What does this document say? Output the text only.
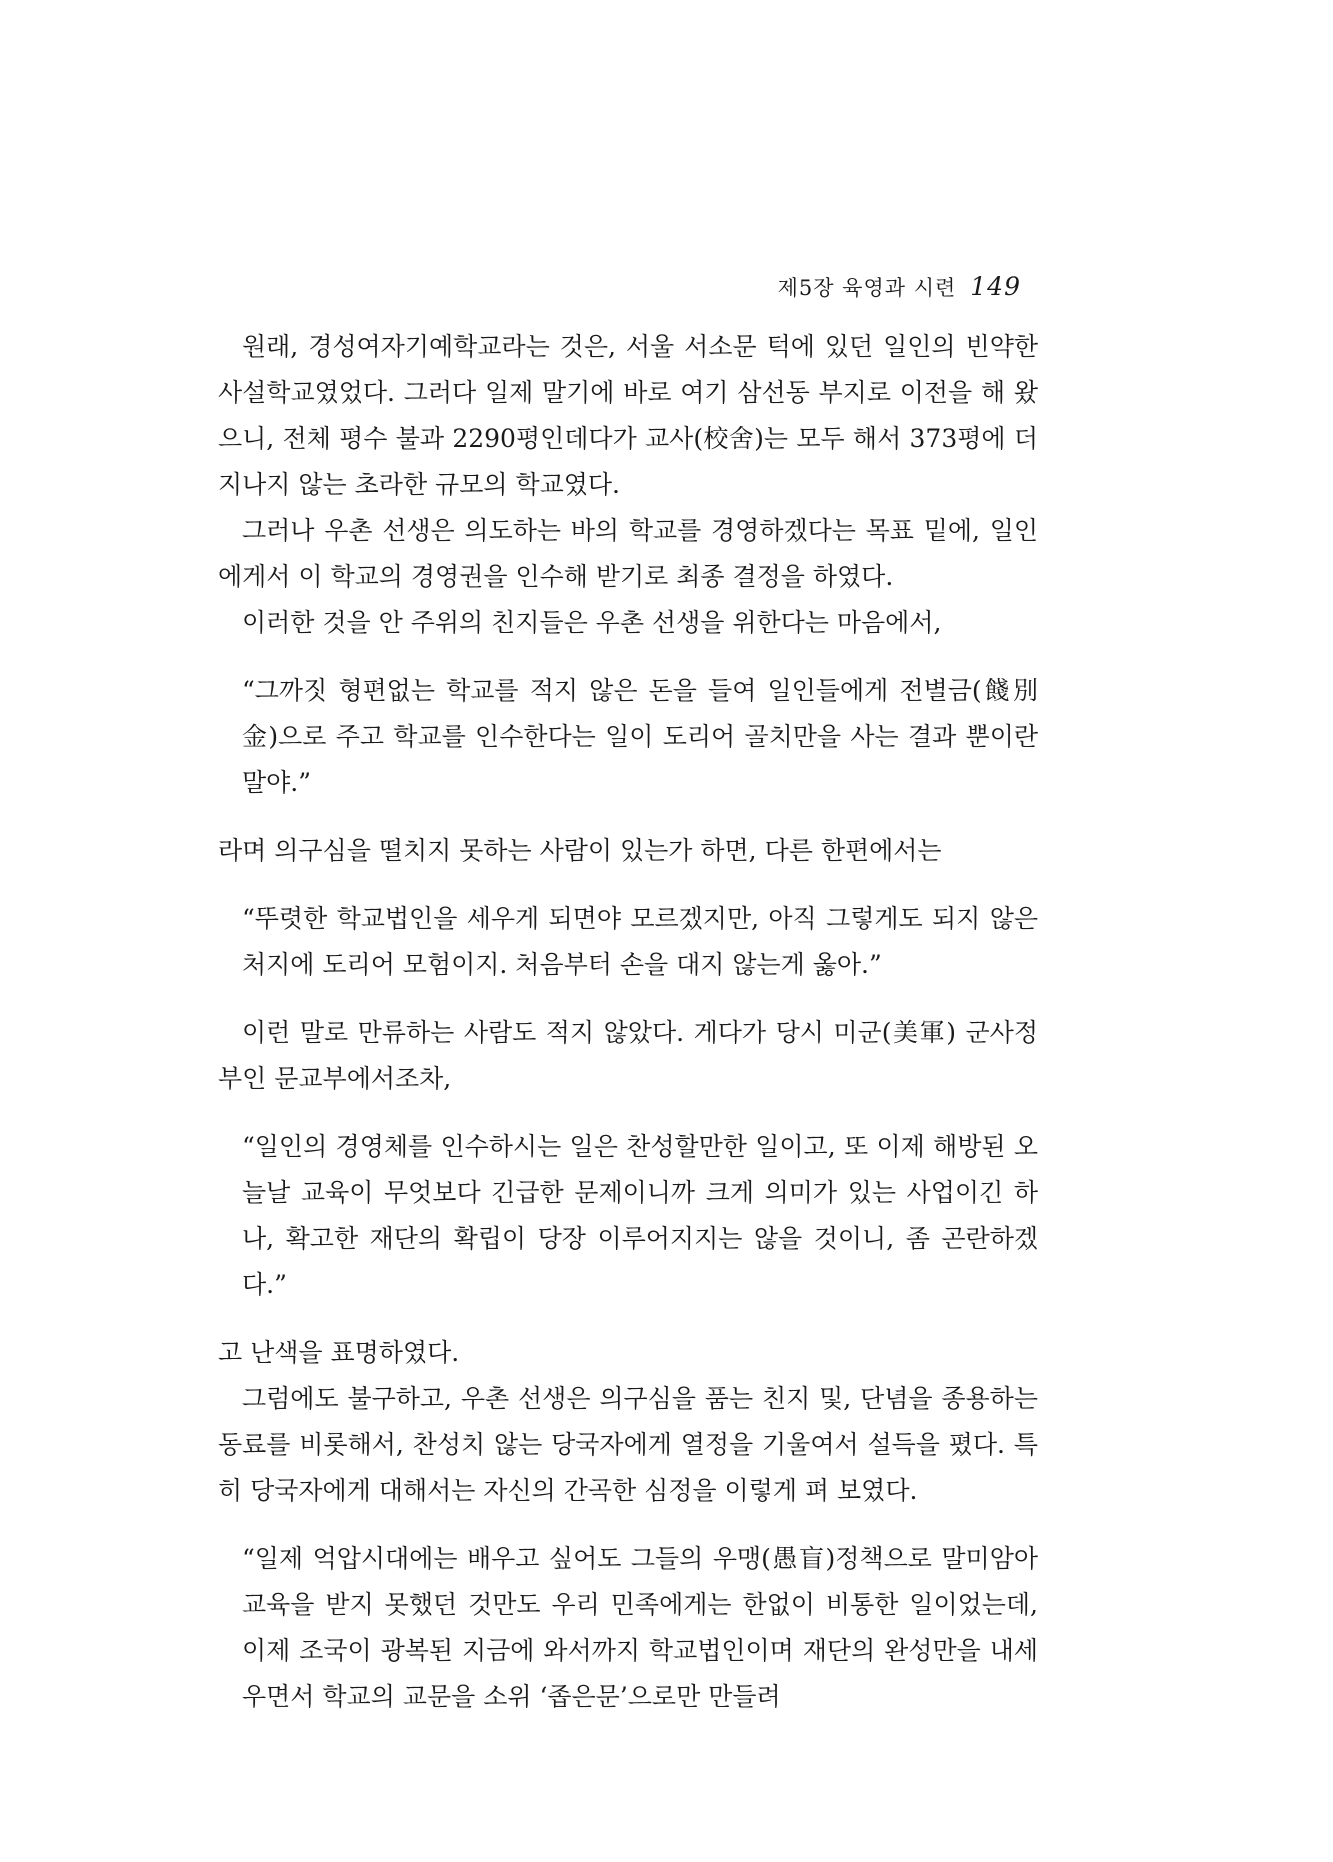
제5장 육영과 시련 149

원래, 경성여자기예학교라는 것은, 서울 서소문 턱에 있던 일인의 빈약한 사설학교였었다. 그러다 일제 말기에 바로 여기 삼선동 부지로 이전을 해 왔으니, 전체 평수 불과 2290평인데다가 교사(校舍)는 모두 해서 373평에 더 지나지 않는 초라한 규모의 학교였다.

그러나 우촌 선생은 의도하는 바의 학교를 경영하겠다는 목표 밑에, 일인에게서 이 학교의 경영권을 인수해 받기로 최종 결정을 하였다.

이러한 것을 안 주위의 친지들은 우촌 선생을 위한다는 마음에서,

“그까짓 형편없는 학교를 적지 않은 돈을 들여 일인들에게 전별금(餞別金)으로 주고 학교를 인수한다는 일이 도리어 골치만을 사는 결과 뿐이란 말야.”

라며 의구심을 떨치지 못하는 사람이 있는가 하면, 다른 한편에서는

“뚜렷한 학교법인을 세우게 되면야 모르겠지만, 아직 그렇게도 되지 않은 처지에 도리어 모험이지. 처음부터 손을 대지 않는게 옳아.”

이런 말로 만류하는 사람도 적지 않았다. 게다가 당시 미군(美軍) 군사정부인 문교부에서조차,

“일인의 경영체를 인수하시는 일은 찬성할만한 일이고, 또 이제 해방된 오늘날 교육이 무엇보다 긴급한 문제이니까 크게 의미가 있는 사업이긴 하나, 확고한 재단의 확립이 당장 이루어지지는 않을 것이니, 좀 곤란하겠다.”

고 난색을 표명하였다.

그럼에도 불구하고, 우촌 선생은 의구심을 품는 친지 및, 단념을 종용하는 동료를 비롯해서, 찬성치 않는 당국자에게 열정을 기울여서 설득을 폈다. 특히 당국자에게 대해서는 자신의 간곡한 심정을 이렇게 펴 보였다.

“일제 억압시대에는 배우고 싶어도 그들의 우맹(愚盲)정책으로 말미암아 교육을 받지 못했던 것만도 우리 민족에게는 한없이 비통한 일이었는데, 이제 조국이 광복된 지금에 와서까지 학교법인이며 재단의 완성만을 내세우면서 학교의 교문을 소위 ‘좁은문’으로만 만들려
